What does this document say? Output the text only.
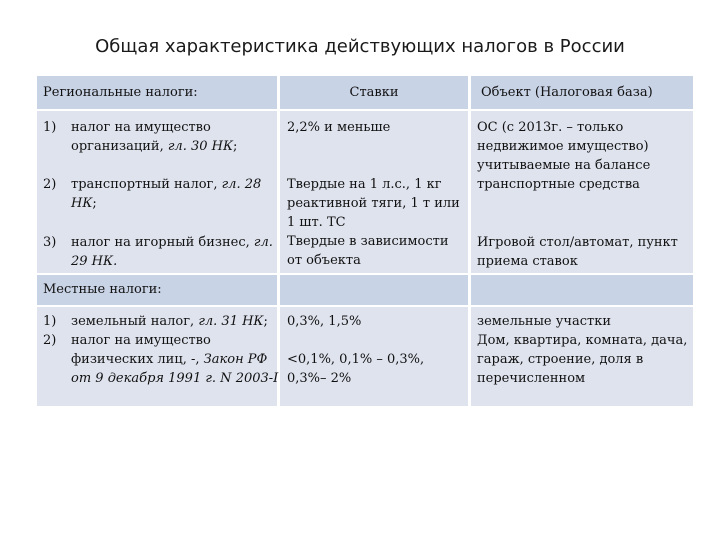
Общая характеристика действующих налогов в России
Региональные налоги:	Ставки	Объект (Налоговая база)
1) налог на имущество
организаций, гл. 30 НК;
2) транспортный налог, гл. 28
НК;
3) налог на игорный бизнес, гл.
29 НК.
2,2% и меньше
Твердые на 1 л.с., 1 кг
реактивной тяги, 1 т или
1 шт. ТС
Твердые в зависимости
от объекта
ОС (с 2013г. – только
недвижимое имущество)
учитываемые на балансе
транспортные средства
Игровой стол/автомат, пункт
приема ставок
Местные налоги:
1) земельный налог, гл. 31 НК;
2) налог на имущество
физических лиц, -, Закон РФ
от 9 декабря 1991 г. N 2003-I
0,3%, 1,5%
<0,1%, 0,1% – 0,3%,
0,3%– 2%
земельные участки
Дом, квартира, комната, дача,
гараж, строение, доля в
перечисленном
